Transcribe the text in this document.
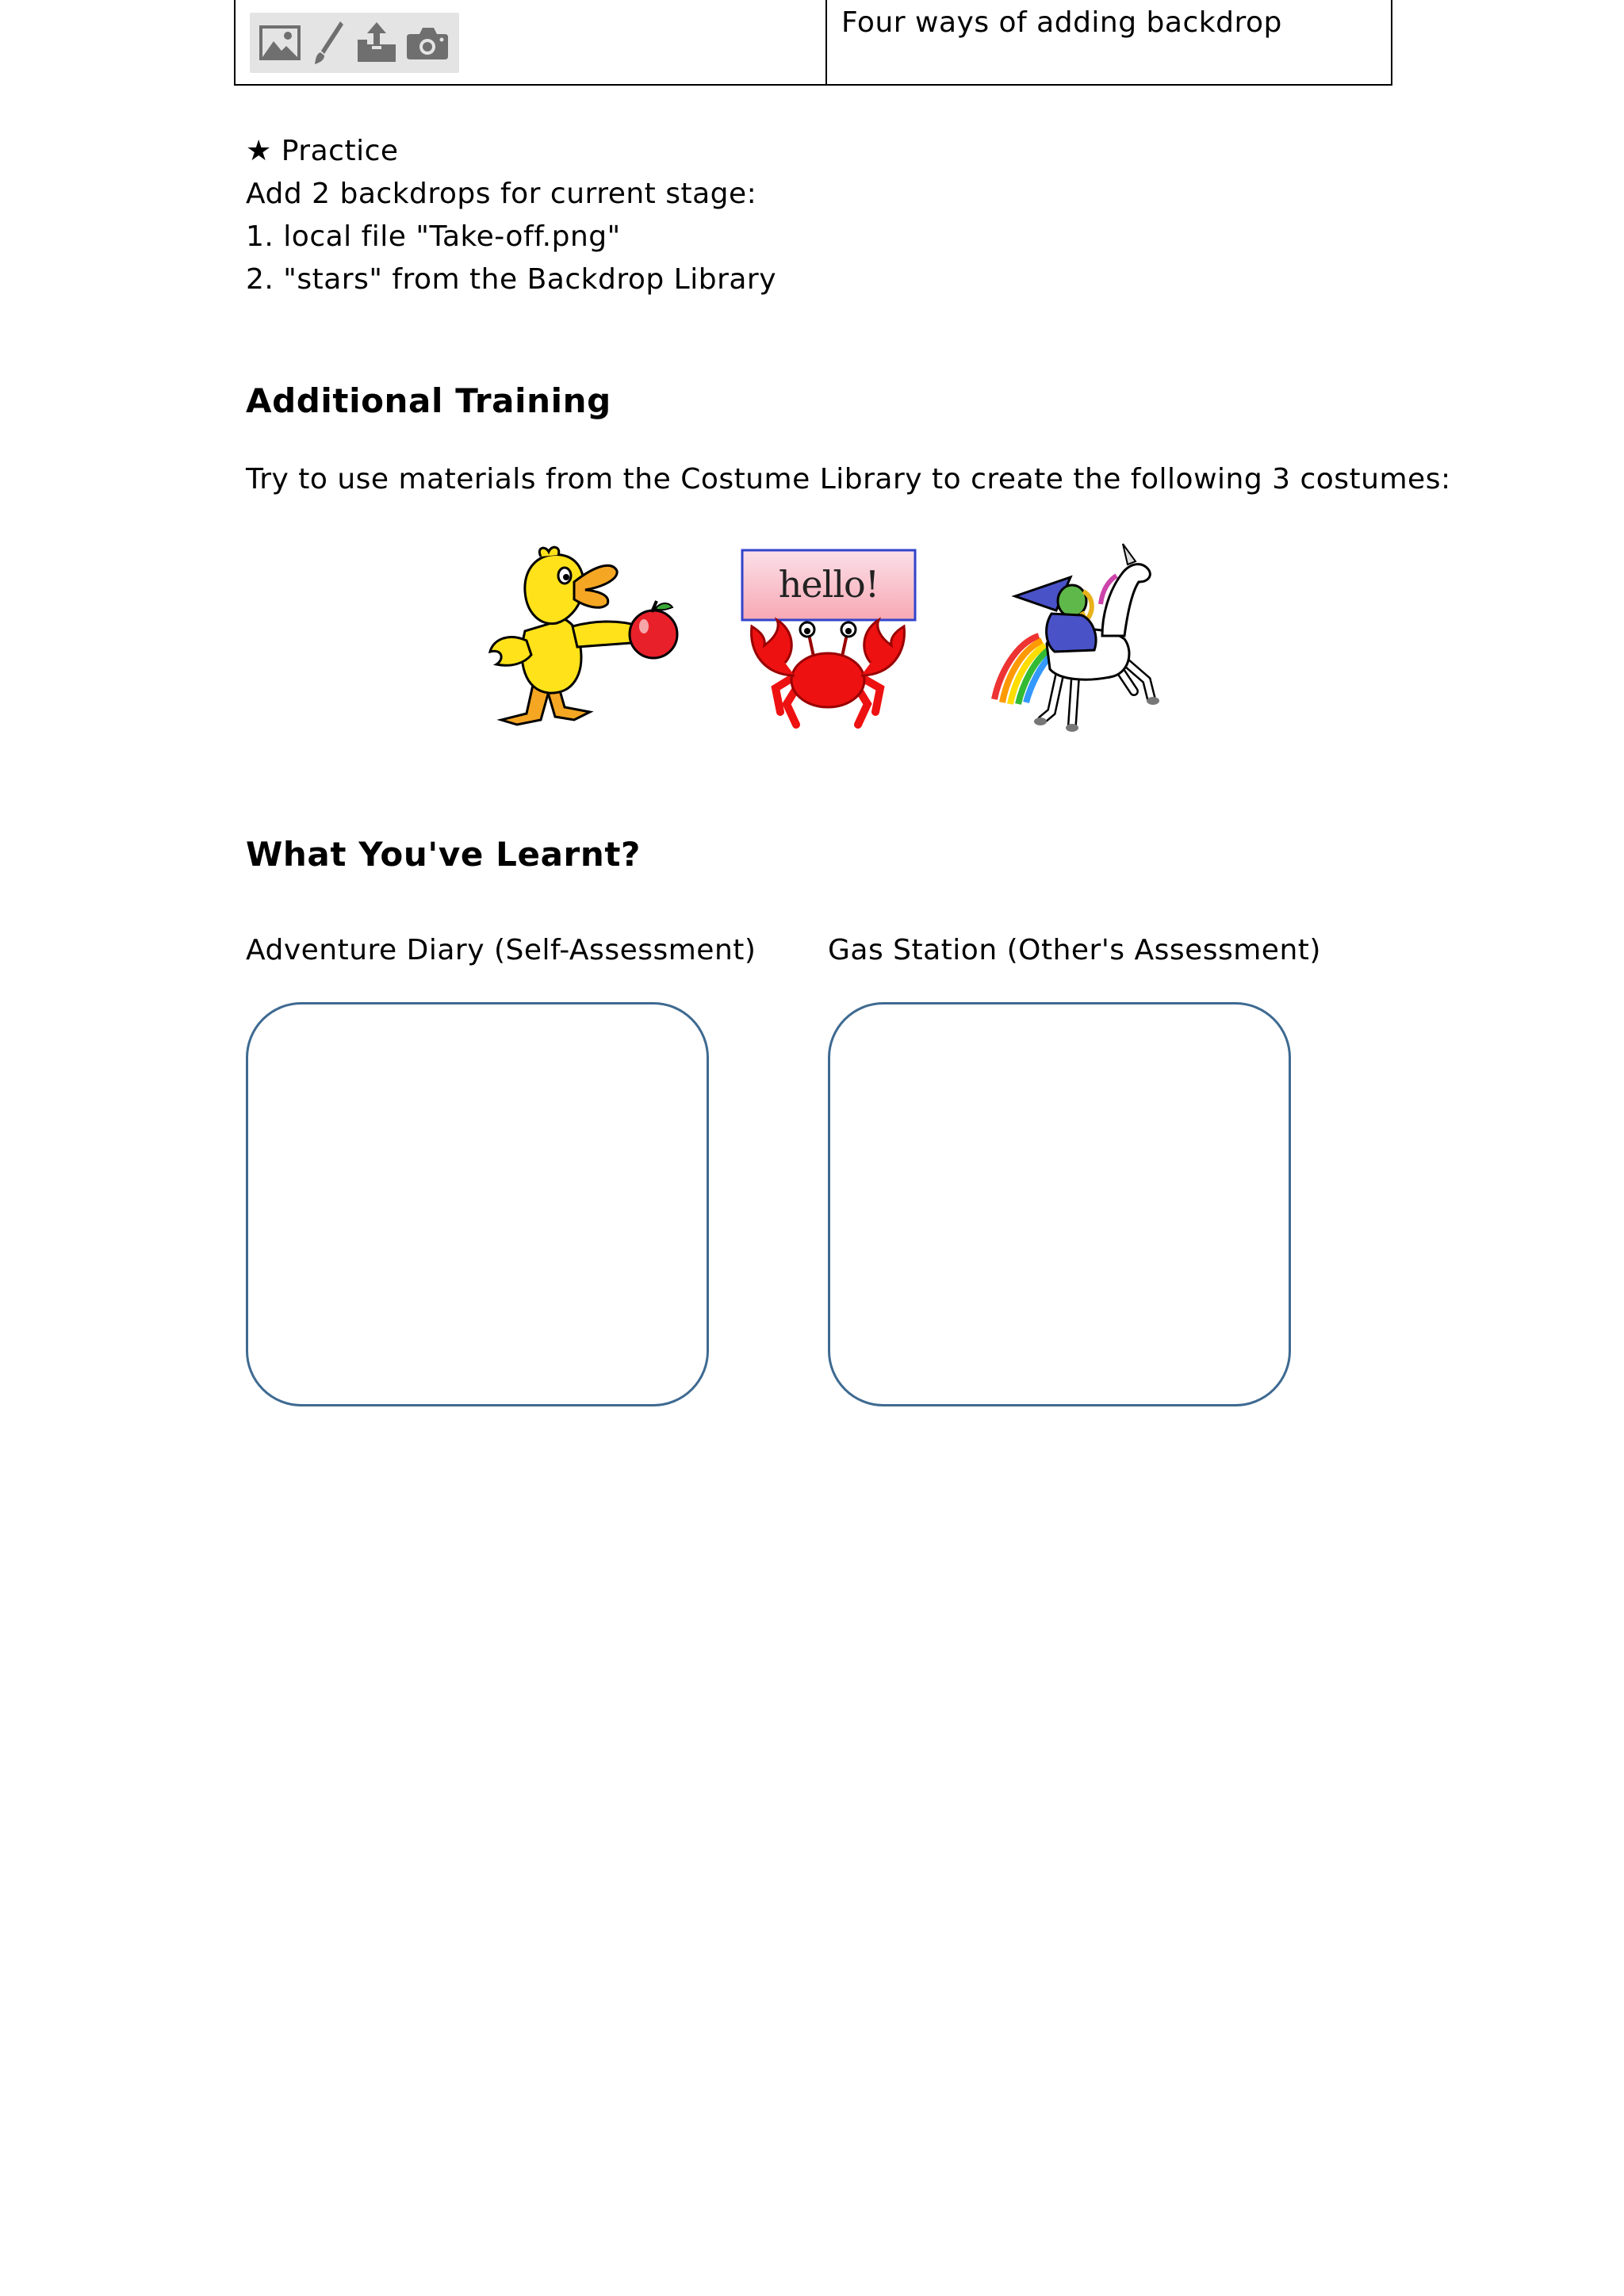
Four ways of adding backdrop
★ Practice
Add 2 backdrops for current stage:
1. local file "Take-off.png"
2. "stars" from the Backdrop Library
Additional Training
Try to use materials from the Costume Library to create the following 3 costumes:
hello!
What You've Learnt?
Adventure Diary (Self-Assessment)	Gas Station (Other's Assessment)
